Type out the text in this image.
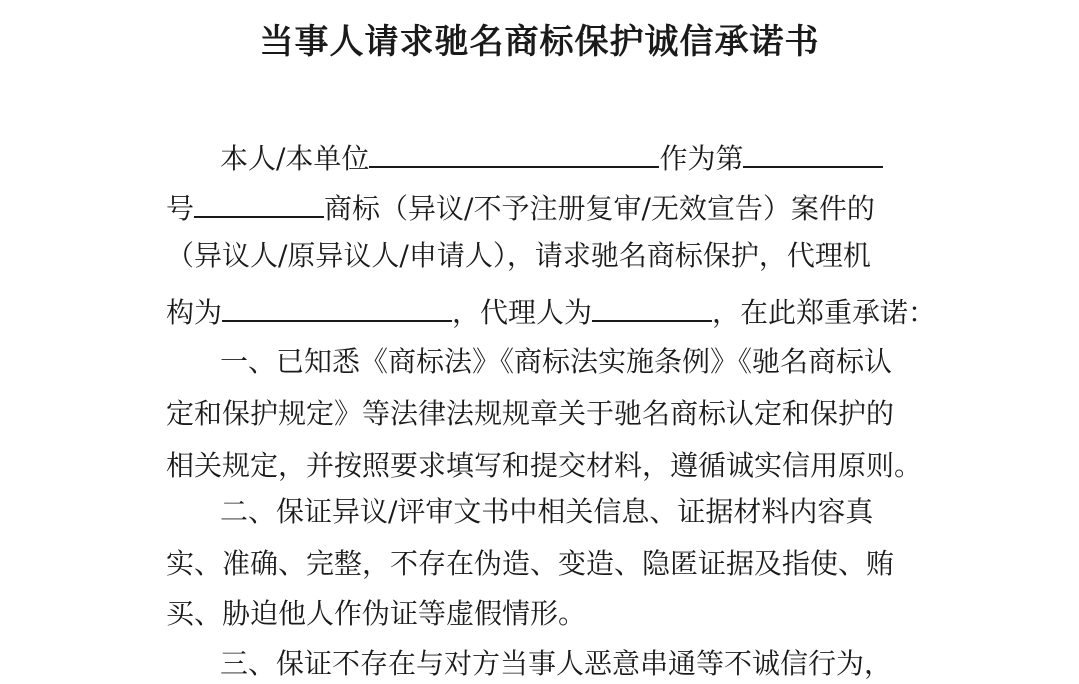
当事人请求驰名商标保护诚信承诺书

本人/本单位	作为第

号	商标（异议/不予注册复审/无效宣告）案件的

（异议人/原异议人/申请人），请求驰名商标保护，代理机

构为	，代理人为	，在此郑重承诺：

一、已知悉《商标法》《商标法实施条例》《驰名商标认

定和保护规定》等法律法规规章关于驰名商标认定和保护的

相关规定，并按照要求填写和提交材料，遵循诚实信用原则。

二、保证异议/评审文书中相关信息、证据材料内容真

实、准确、完整，不存在伪造、变造、隐匿证据及指使、贿

买、胁迫他人作伪证等虚假情形。

三、保证不存在与对方当事人恶意串通等不诚信行为，
